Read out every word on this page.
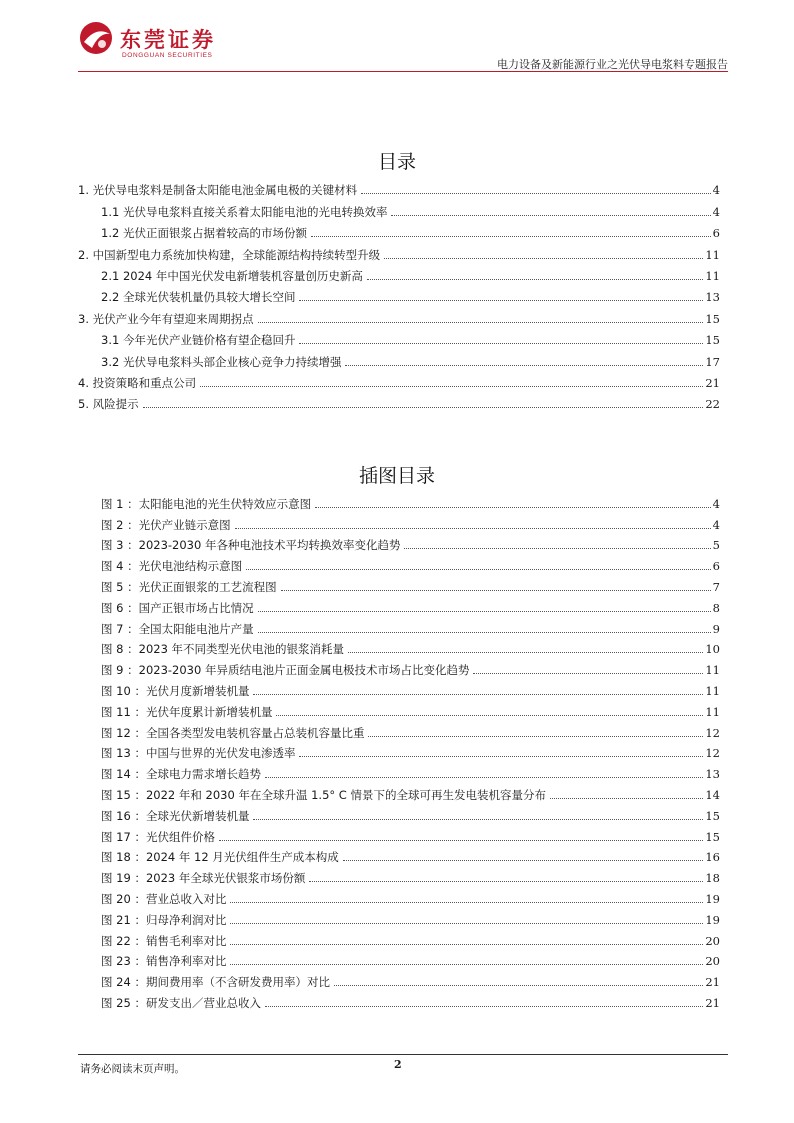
东莞证券
DONGGUAN SECURITIES
电力设备及新能源行业之光伏导电浆料专题报告
目录
1. 光伏导电浆料是制备太阳能电池金属电极的关键材料	4
1.1 光伏导电浆料直接关系着太阳能电池的光电转换效率	4
1.2 光伏正面银浆占据着较高的市场份额	6
2. 中国新型电力系统加快构建，全球能源结构持续转型升级	11
2.1 2024 年中国光伏发电新增装机容量创历史新高	11
2.2 全球光伏装机量仍具较大增长空间	13
3. 光伏产业今年有望迎来周期拐点	15
3.1 今年光伏产业链价格有望企稳回升	15
3.2 光伏导电浆料头部企业核心竞争力持续增强	17
4. 投资策略和重点公司	21
5. 风险提示	22
插图目录
图 1 ：太阳能电池的光生伏特效应示意图	4
图 2 ：光伏产业链示意图	4
图 3 ：2023-2030 年各种电池技术平均转换效率变化趋势	5
图 4 ：光伏电池结构示意图	6
图 5 ：光伏正面银浆的工艺流程图	7
图 6 ：国产正银市场占比情况	8
图 7 ：全国太阳能电池片产量	9
图 8 ：2023 年不同类型光伏电池的银浆消耗量	10
图 9 ：2023-2030 年异质结电池片正面金属电极技术市场占比变化趋势	11
图 10 ：光伏月度新增装机量	11
图 11 ：光伏年度累计新增装机量	11
图 12 ：全国各类型发电装机容量占总装机容量比重	12
图 13 ：中国与世界的光伏发电渗透率	12
图 14 ：全球电力需求增长趋势	13
图 15 ：2022 年和 2030 年在全球升温 1.5° C 情景下的全球可再生发电装机容量分布	14
图 16 ：全球光伏新增装机量	15
图 17 ：光伏组件价格	15
图 18 ：2024 年 12 月光伏组件生产成本构成	16
图 19 ：2023 年全球光伏银浆市场份额	18
图 20 ：营业总收入对比	19
图 21 ：归母净利润对比	19
图 22 ：销售毛利率对比	20
图 23 ：销售净利率对比	20
图 24 ：期间费用率（不含研发费用率）对比	21
图 25 ：研发支出／营业总收入	21
请务必阅读末页声明。	2
